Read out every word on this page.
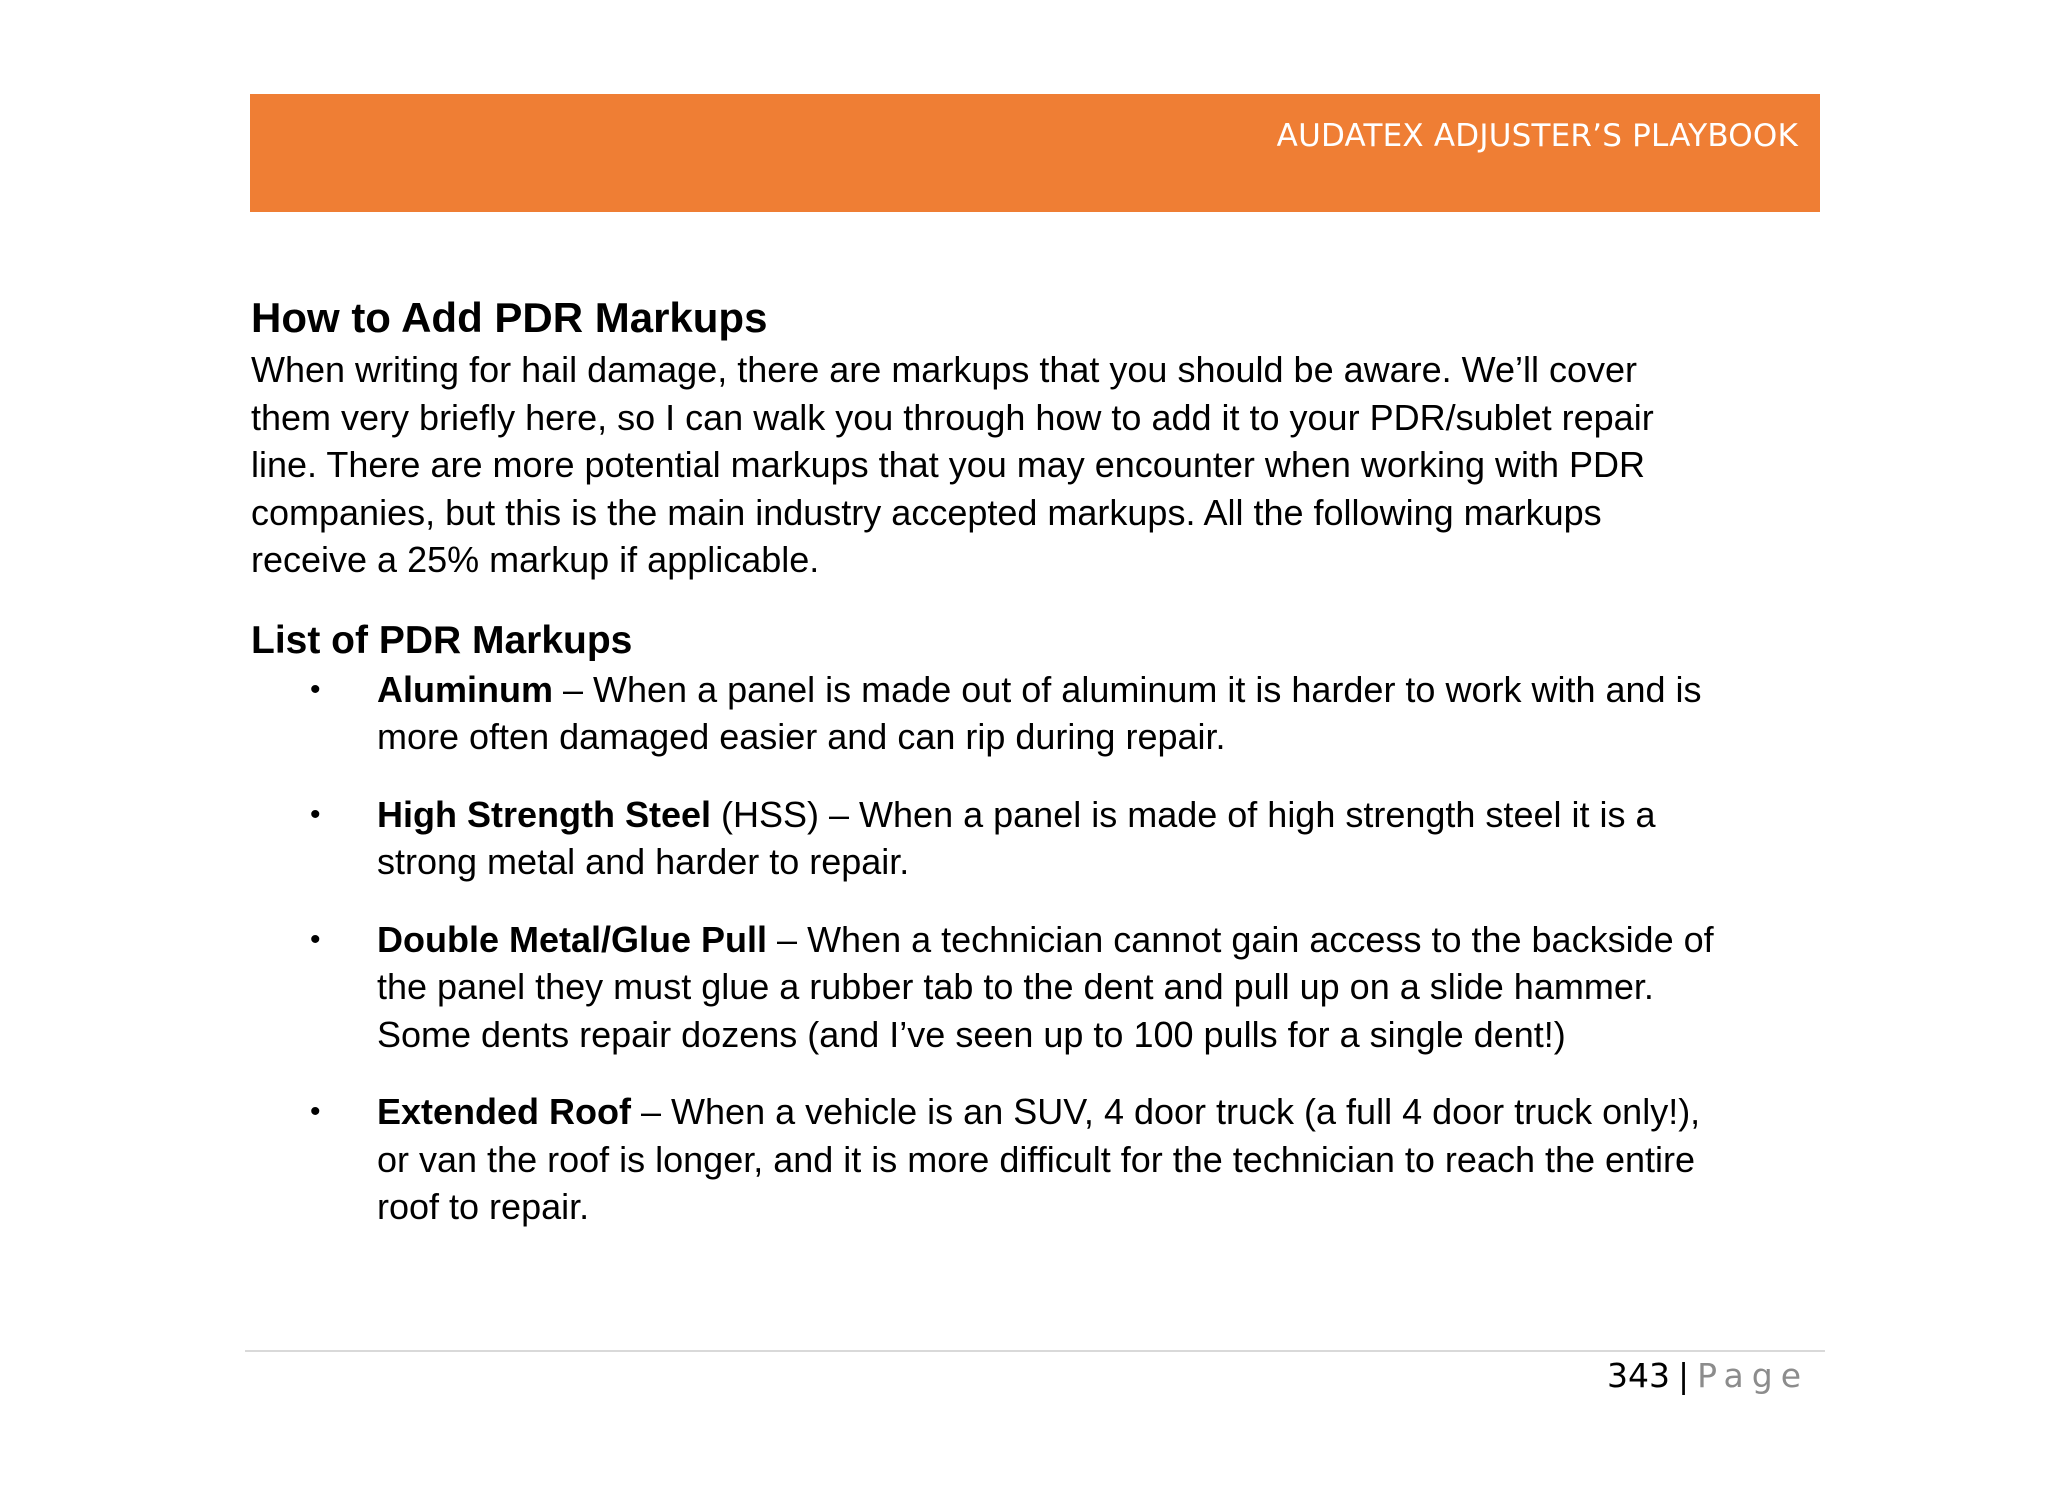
AUDATEX ADJUSTER’S PLAYBOOK
How to Add PDR Markups

When writing for hail damage, there are markups that you should be aware. We’ll cover
them very briefly here, so I can walk you through how to add it to your PDR/sublet repair
line. There are more potential markups that you may encounter when working with PDR
companies, but this is the main industry accepted markups. All the following markups
receive a 25% markup if applicable.

List of PDR Markups
• Aluminum – When a panel is made out of aluminum it is harder to work with and is
more often damaged easier and can rip during repair.
• High Strength Steel (HSS) – When a panel is made of high strength steel it is a
strong metal and harder to repair.
• Double Metal/Glue Pull – When a technician cannot gain access to the backside of
the panel they must glue a rubber tab to the dent and pull up on a slide hammer.
Some dents repair dozens (and I’ve seen up to 100 pulls for a single dent!)
• Extended Roof – When a vehicle is an SUV, 4 door truck (a full 4 door truck only!),
or van the roof is longer, and it is more difficult for the technician to reach the entire
roof to repair.
343 | Page
